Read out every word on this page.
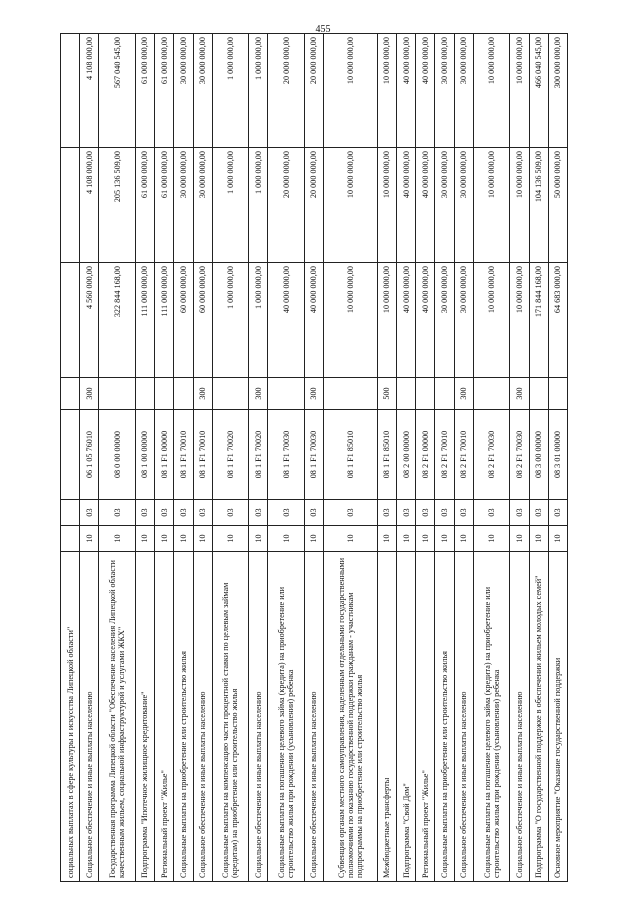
455
социальных выплатах в сфере культуры и искусства Липецкой области"							
Социальное обеспечение и иные выплаты населению	10	03	06 1 05 76010	300	4 560 000,00	4 108 000,00	4 108 000,00
Государственная программа Липецкой области "Обеспечение населения Липецкой области качественным жильем, социальной инфраструктурой и услугами ЖКХ"	10	03	08 0 00 00000		322 844 168,00	205 136 509,00	567 040 545,00
Подпрограмма "Ипотечное жилищное кредитование"	10	03	08 1 00 00000		111 000 000,00	61 000 000,00	61 000 000,00
Региональный проект "Жилье"	10	03	08 1 F1 00000		111 000 000,00	61 000 000,00	61 000 000,00
Социальные выплаты на приобретение или строительство жилья	10	03	08 1 F1 70010		60 000 000,00	30 000 000,00	30 000 000,00
Социальное обеспечение и иные выплаты населению	10	03	08 1 F1 70010	300	60 000 000,00	30 000 000,00	30 000 000,00
Социальные выплаты на компенсацию части процентной ставки по целевым займам (кредитам) на приобретение или строительство жилья	10	03	08 1 F1 70020		1 000 000,00	1 000 000,00	1 000 000,00
Социальное обеспечение и иные выплаты населению	10	03	08 1 F1 70020	300	1 000 000,00	1 000 000,00	1 000 000,00
Социальные выплаты на погашение целевого займа (кредита) на приобретение или строительство жилья при рождении (усыновлении) ребенка	10	03	08 1 F1 70030		40 000 000,00	20 000 000,00	20 000 000,00
Социальное обеспечение и иные выплаты населению	10	03	08 1 F1 70030	300	40 000 000,00	20 000 000,00	20 000 000,00
Субвенции органам местного самоуправления, наделенным отдельными государственными полномочиями по оказанию государственной поддержки гражданам - участникам подпрограммы на приобретение или строительство жилья	10	03	08 1 F1 85010		10 000 000,00	10 000 000,00	10 000 000,00
Межбюджетные трансферты	10	03	08 1 F1 85010	500	10 000 000,00	10 000 000,00	10 000 000,00
Подпрограмма "Свой Дом"	10	03	08 2 00 00000		40 000 000,00	40 000 000,00	40 000 000,00
Региональный проект "Жилье"	10	03	08 2 F1 00000		40 000 000,00	40 000 000,00	40 000 000,00
Социальные выплаты на приобретение или строительство жилья	10	03	08 2 F1 70010		30 000 000,00	30 000 000,00	30 000 000,00
Социальное обеспечение и иные выплаты населению	10	03	08 2 F1 70010	300	30 000 000,00	30 000 000,00	30 000 000,00
Социальные выплаты на погашение целевого займа (кредита) на приобретение или строительство жилья при рождении (усыновлении) ребенка	10	03	08 2 F1 70030		10 000 000,00	10 000 000,00	10 000 000,00
Социальное обеспечение и иные выплаты населению	10	03	08 2 F1 70030	300	10 000 000,00	10 000 000,00	10 000 000,00
Подпрограмма "О государственной поддержке в обеспечении жильем молодых семей"	10	03	08 3 00 00000		171 844 168,00	104 136 509,00	466 040 545,00
Основное мероприятие "Оказание государственной поддержки	10	03	08 3 01 00000		64 683 000,00	50 000 000,00	300 000 000,00
